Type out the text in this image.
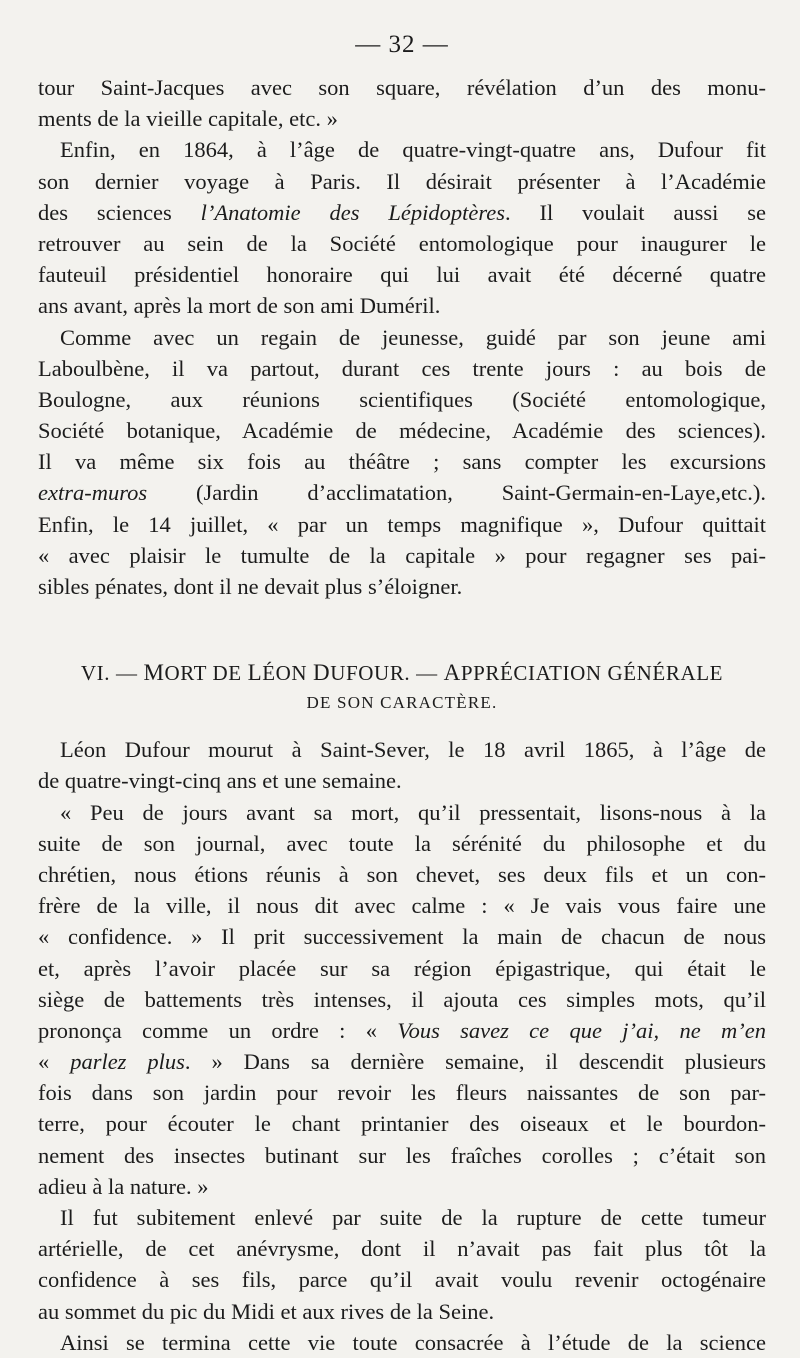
— 32 —
tour Saint-Jacques avec son square, révélation d’un des monu-
ments de la vieille capitale, etc. »
Enfin, en 1864, à l’âge de quatre-vingt-quatre ans, Dufour fit
son dernier voyage à Paris. Il désirait présenter à l’Académie
des sciences l’Anatomie des Lépidoptères. Il voulait aussi se
retrouver au sein de la Société entomologique pour inaugurer le
fauteuil présidentiel honoraire qui lui avait été décerné quatre
ans avant, après la mort de son ami Duméril.
Comme avec un regain de jeunesse, guidé par son jeune ami
Laboulbène, il va partout, durant ces trente jours : au bois de
Boulogne, aux réunions scientifiques (Société entomologique,
Société botanique, Académie de médecine, Académie des sciences).
Il va même six fois au théâtre ; sans compter les excursions
extra-muros (Jardin d’acclimatation, Saint-Germain-en-Laye,etc.).
Enfin, le 14 juillet, « par un temps magnifique », Dufour quittait
« avec plaisir le tumulte de la capitale » pour regagner ses pai-
sibles pénates, dont il ne devait plus s’éloigner.
VI. — MORT DE LÉON DUFOUR. — APPRÉCIATION GÉNÉRALE
DE SON CARACTÈRE.
Léon Dufour mourut à Saint-Sever, le 18 avril 1865, à l’âge de
de quatre-vingt-cinq ans et une semaine.
« Peu de jours avant sa mort, qu’il pressentait, lisons-nous à la
suite de son journal, avec toute la sérénité du philosophe et du
chrétien, nous étions réunis à son chevet, ses deux fils et un con-
frère de la ville, il nous dit avec calme : « Je vais vous faire une
« confidence. » Il prit successivement la main de chacun de nous
et, après l’avoir placée sur sa région épigastrique, qui était le
siège de battements très intenses, il ajouta ces simples mots, qu’il
prononça comme un ordre : « Vous savez ce que j’ai, ne m’en
« parlez plus. » Dans sa dernière semaine, il descendit plusieurs
fois dans son jardin pour revoir les fleurs naissantes de son par-
terre, pour écouter le chant printanier des oiseaux et le bourdon-
nement des insectes butinant sur les fraîches corolles ; c’était son
adieu à la nature. »
Il fut subitement enlevé par suite de la rupture de cette tumeur
artérielle, de cet anévrysme, dont il n’avait pas fait plus tôt la
confidence à ses fils, parce qu’il avait voulu revenir octogénaire
au sommet du pic du Midi et aux rives de la Seine.
Ainsi se termina cette vie toute consacrée à l’étude de la science
